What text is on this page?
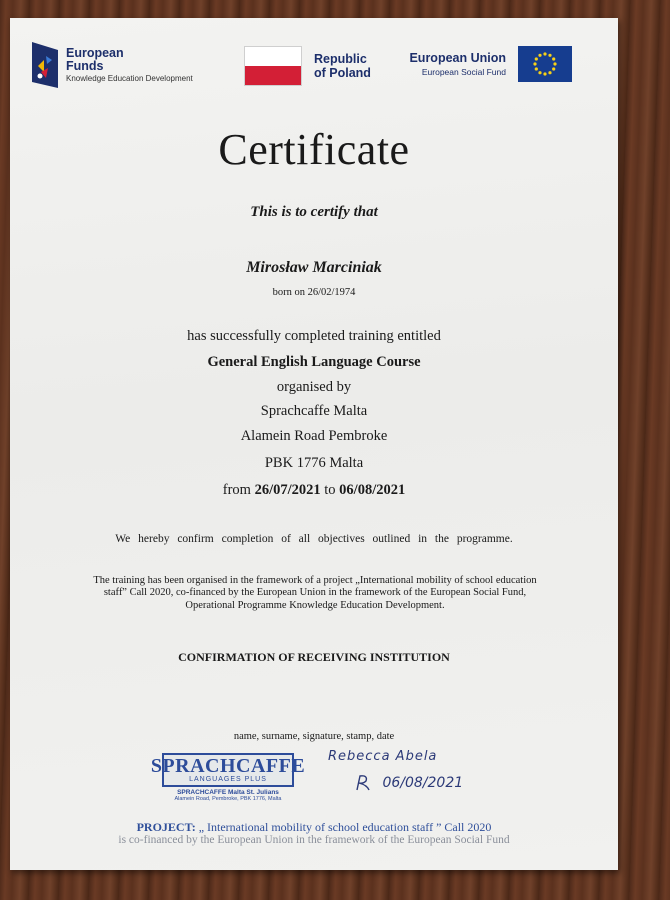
European
Funds
Knowledge Education Development
Republic
of Poland
European Union
European Social Fund
Certificate
This is to certify that
Mirosław Marciniak
born on 26/02/1974
has successfully completed training entitled
General English Language Course
organised by
Sprachcaffe Malta
Alamein Road Pembroke
PBK 1776 Malta
from 26/07/2021 to 06/08/2021
We hereby confirm completion of all objectives outlined in the programme.
The training has been organised in the framework of a project „International mobility of school education staff” Call 2020, co-financed by the European Union in the framework of the European Social Fund, Operational Programme Knowledge Education Development.
CONFIRMATION OF RECEIVING INSTITUTION
name, surname, signature, stamp, date
SPRACHCAFFE
LANGUAGES PLUS
SPRACHCAFFE Malta St. Julians
Alamein Road, Pembroke, PBK 1776, Malta
Rebecca Abela
06/08/2021
PROJECT: „ International mobility of school education staff ” Call 2020
is co-financed by the European Union in the framework of the European Social Fund
